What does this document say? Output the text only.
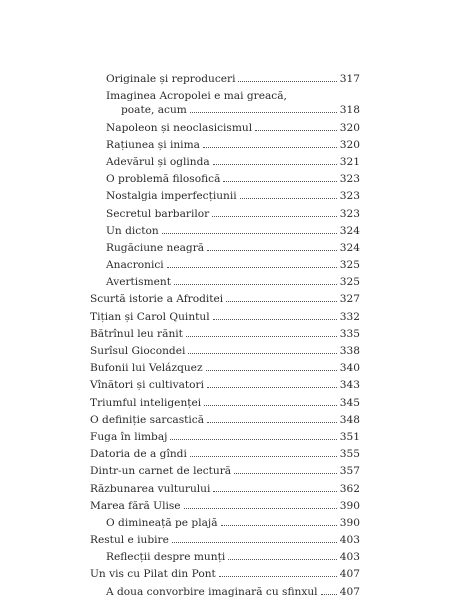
Originale și reproduceri	317
Imaginea Acropolei e mai greacă,
poate, acum	318
Napoleon și neoclasicismul	320
Rațiunea și inima	320
Adevărul și oglinda	321
O problemă filosofică	323
Nostalgia imperfecțiunii	323
Secretul barbarilor	323
Un dicton	324
Rugăciune neagră	324
Anacronici	325
Avertisment	325
Scurtă istorie a Afroditei	327
Tițian și Carol Quintul	332
Bătrînul leu rănit	335
Surîsul Giocondei	338
Bufonii lui Velázquez	340
Vînători și cultivatori	343
Triumful inteligenței	345
O definiție sarcastică	348
Fuga în limbaj	351
Datoria de a gîndi	355
Dintr-un carnet de lectură	357
Răzbunarea vulturului	362
Marea fără Ulise	390
O dimineață pe plajă	390
Restul e iubire	403
Reflecții despre munți	403
Un vis cu Pilat din Pont	407
A doua convorbire imaginară cu sfinxul 407
